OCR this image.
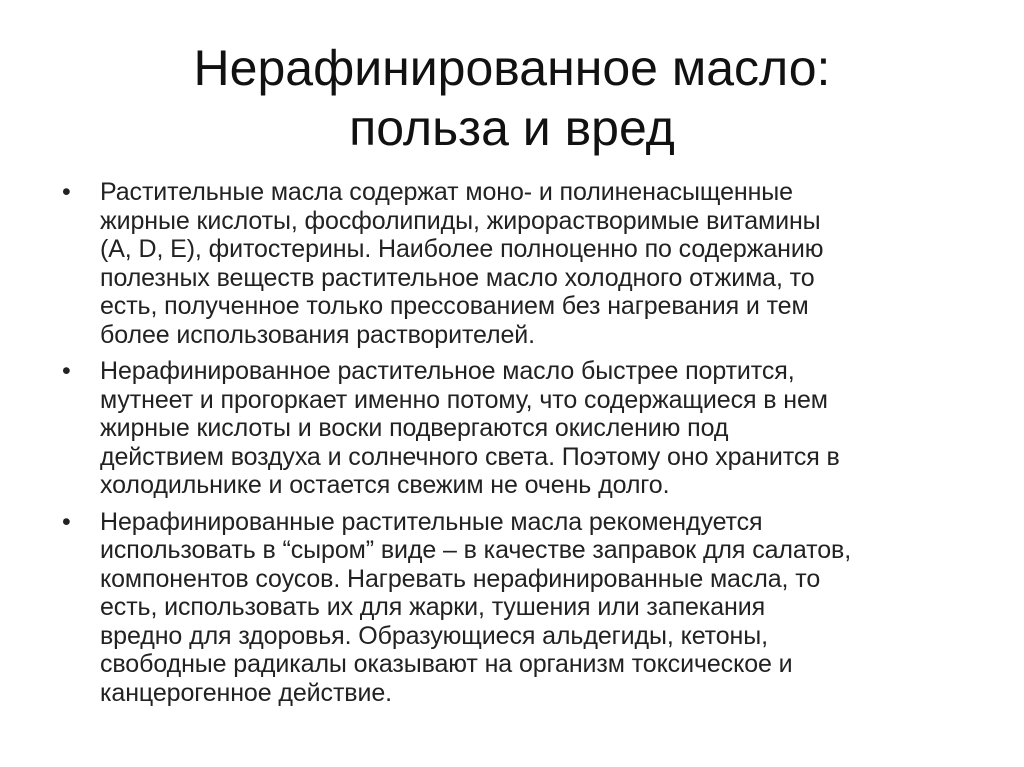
Нерафинированное масло:
польза и вред
• Растительные масла содержат моно- и полиненасыщенные
жирные кислоты, фосфолипиды, жирорастворимые витамины
(A, D, E), фитостерины. Наиболее полноценно по содержанию
полезных веществ растительное масло холодного отжима, то
есть, полученное только прессованием без нагревания и тем
более использования растворителей.
• Нерафинированное растительное масло быстрее портится,
мутнеет и прогоркает именно потому, что содержащиеся в нем
жирные кислоты и воски подвергаются окислению под
действием воздуха и солнечного света. Поэтому оно хранится в
холодильнике и остается свежим не очень долго.
• Нерафинированные растительные масла рекомендуется
использовать в “сыром” виде – в качестве заправок для салатов,
компонентов соусов. Нагревать нерафинированные масла, то
есть, использовать их для жарки, тушения или запекания
вредно для здоровья. Образующиеся альдегиды, кетоны,
свободные радикалы оказывают на организм токсическое и
канцерогенное действие.
